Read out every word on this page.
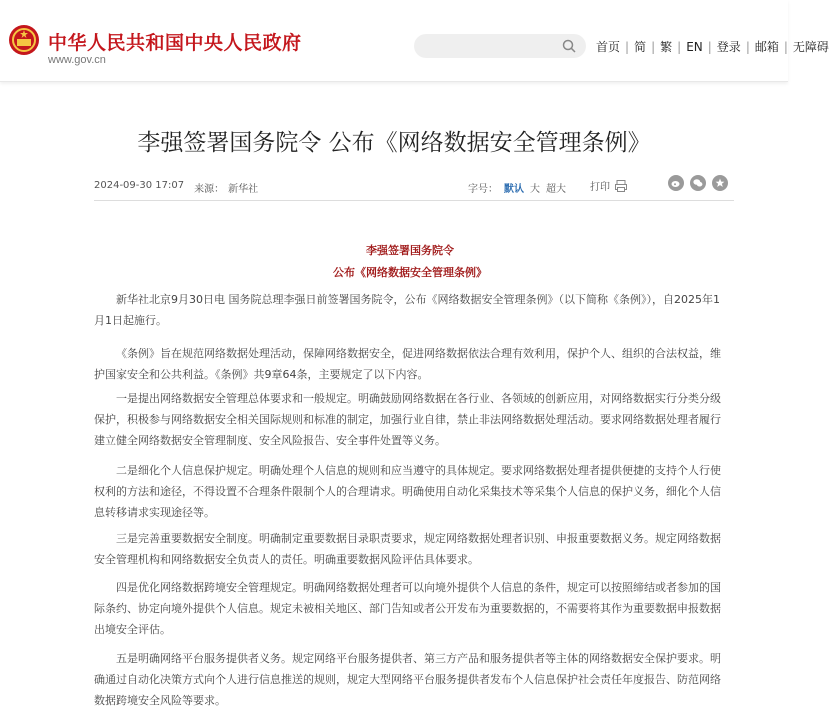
中华人民共和国中央人民政府
www.gov.cn
首页 | 简 | 繁 | EN | 登录 | 邮箱 | 无障碍
李强签署国务院令 公布《网络数据安全管理条例》
2024-09-30 17:07 来源： 新华社	字号： 默认 大 超大 打印
李强签署国务院令
公布《网络数据安全管理条例》

新华社北京9月30日电 国务院总理李强日前签署国务院令，公布《网络数据安全管理条例》（以下简称《条例》），自2025年1月1日起施行。

《条例》旨在规范网络数据处理活动，保障网络数据安全，促进网络数据依法合理有效利用，保护个人、组织的合法权益，维护国家安全和公共利益。《条例》共9章64条，主要规定了以下内容。

一是提出网络数据安全管理总体要求和一般规定。明确鼓励网络数据在各行业、各领域的创新应用，对网络数据实行分类分级保护，积极参与网络数据安全相关国际规则和标准的制定，加强行业自律，禁止非法网络数据处理活动。要求网络数据处理者履行建立健全网络数据安全管理制度、安全风险报告、安全事件处置等义务。

二是细化个人信息保护规定。明确处理个人信息的规则和应当遵守的具体规定。要求网络数据处理者提供便捷的支持个人行使权利的方法和途径，不得设置不合理条件限制个人的合理请求。明确使用自动化采集技术等采集个人信息的保护义务，细化个人信息转移请求实现途径等。

三是完善重要数据安全制度。明确制定重要数据目录职责要求，规定网络数据处理者识别、申报重要数据义务。规定网络数据安全管理机构和网络数据安全负责人的责任。明确重要数据风险评估具体要求。

四是优化网络数据跨境安全管理规定。明确网络数据处理者可以向境外提供个人信息的条件，规定可以按照缔结或者参加的国际条约、协定向境外提供个人信息。规定未被相关地区、部门告知或者公开发布为重要数据的，不需要将其作为重要数据申报数据出境安全评估。

五是明确网络平台服务提供者义务。规定网络平台服务提供者、第三方产品和服务提供者等主体的网络数据安全保护要求。明确通过自动化决策方式向个人进行信息推送的规则，规定大型网络平台服务提供者发布个人信息保护社会责任年度报告、防范网络数据跨境安全风险等要求。
